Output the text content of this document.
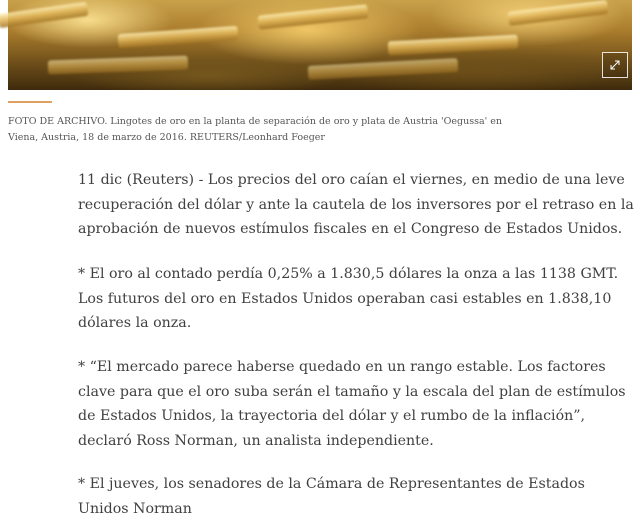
FOTO DE ARCHIVO. Lingotes de oro en la planta de separación de oro y plata de Austria 'Oegussa' en Viena, Austria, 18 de marzo de 2016. REUTERS/Leonhard Foeger

11 dic (Reuters) - Los precios del oro caían el viernes, en medio de una leve recuperación del dólar y ante la cautela de los inversores por el retraso en la aprobación de nuevos estímulos fiscales en el Congreso de Estados Unidos.

* El oro al contado perdía 0,25% a 1.830,5 dólares la onza a las 1138 GMT. Los futuros del oro en Estados Unidos operaban casi estables en 1.838,10 dólares la onza.

* “El mercado parece haberse quedado en un rango estable. Los factores clave para que el oro suba serán el tamaño y la escala del plan de estímulos de Estados Unidos, la trayectoria del dólar y el rumbo de la inflación”, declaró Ross Norman, un analista independiente.

* El jueves, los senadores de la Cámara de Representantes de Estados Unidos Norman
